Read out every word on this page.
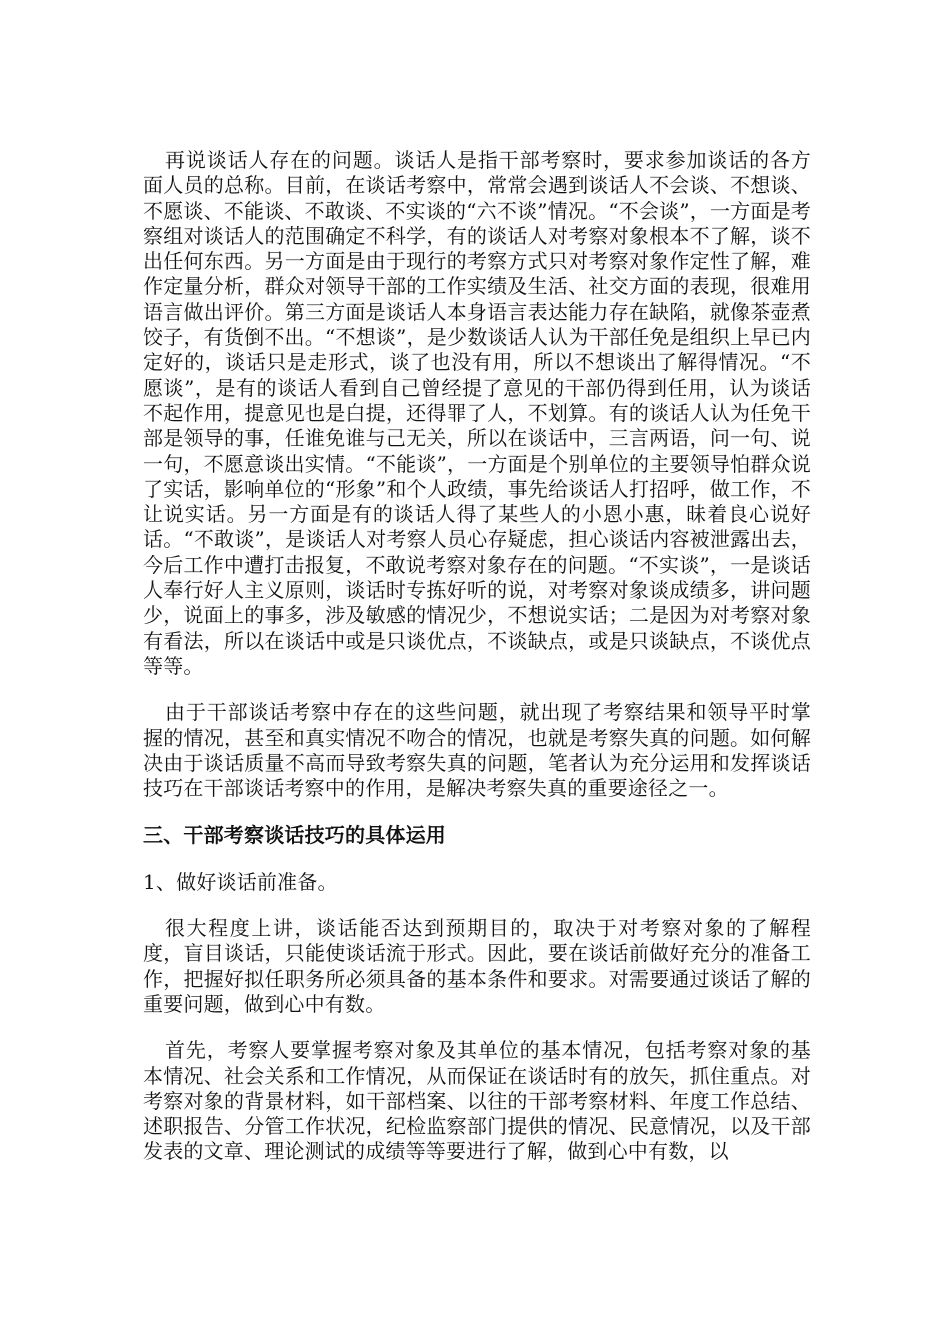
再说谈话人存在的问题。谈话人是指干部考察时，要求参加谈话的各方面人员的总称。目前，在谈话考察中，常常会遇到谈话人不会谈、不想谈、不愿谈、不能谈、不敢谈、不实谈的“六不谈”情况。“不会谈”，一方面是考察组对谈话人的范围确定不科学，有的谈话人对考察对象根本不了解，谈不出任何东西。另一方面是由于现行的考察方式只对考察对象作定性了解，难作定量分析，群众对领导干部的工作实绩及生活、社交方面的表现，很难用语言做出评价。第三方面是谈话人本身语言表达能力存在缺陷，就像茶壶煮饺子，有货倒不出。“不想谈”，是少数谈话人认为干部任免是组织上早已内定好的，谈话只是走形式，谈了也没有用，所以不想谈出了解得情况。“不愿谈”，是有的谈话人看到自己曾经提了意见的干部仍得到任用，认为谈话不起作用，提意见也是白提，还得罪了人，不划算。有的谈话人认为任免干部是领导的事，任谁免谁与己无关，所以在谈话中，三言两语，问一句、说一句，不愿意谈出实情。“不能谈”，一方面是个别单位的主要领导怕群众说了实话，影响单位的“形象”和个人政绩，事先给谈话人打招呼，做工作，不让说实话。另一方面是有的谈话人得了某些人的小恩小惠，昧着良心说好话。“不敢谈”，是谈话人对考察人员心存疑虑，担心谈话内容被泄露出去，今后工作中遭打击报复，不敢说考察对象存在的问题。“不实谈”，一是谈话人奉行好人主义原则，谈话时专拣好听的说，对考察对象谈成绩多，讲问题少，说面上的事多，涉及敏感的情况少，不想说实话；二是因为对考察对象有看法，所以在谈话中或是只谈优点，不谈缺点，或是只谈缺点，不谈优点等等。

由于干部谈话考察中存在的这些问题，就出现了考察结果和领导平时掌握的情况，甚至和真实情况不吻合的情况，也就是考察失真的问题。如何解决由于谈话质量不高而导致考察失真的问题，笔者认为充分运用和发挥谈话技巧在干部谈话考察中的作用，是解决考察失真的重要途径之一。

三、干部考察谈话技巧的具体运用

1、做好谈话前准备。

很大程度上讲，谈话能否达到预期目的，取决于对考察对象的了解程度，盲目谈话，只能使谈话流于形式。因此，要在谈话前做好充分的准备工作，把握好拟任职务所必须具备的基本条件和要求。对需要通过谈话了解的重要问题，做到心中有数。

首先，考察人要掌握考察对象及其单位的基本情况，包括考察对象的基本情况、社会关系和工作情况，从而保证在谈话时有的放矢，抓住重点。对考察对象的背景材料，如干部档案、以往的干部考察材料、年度工作总结、述职报告、分管工作状况，纪检监察部门提供的情况、民意情况，以及干部发表的文章、理论测试的成绩等等要进行了解，做到心中有数，以
